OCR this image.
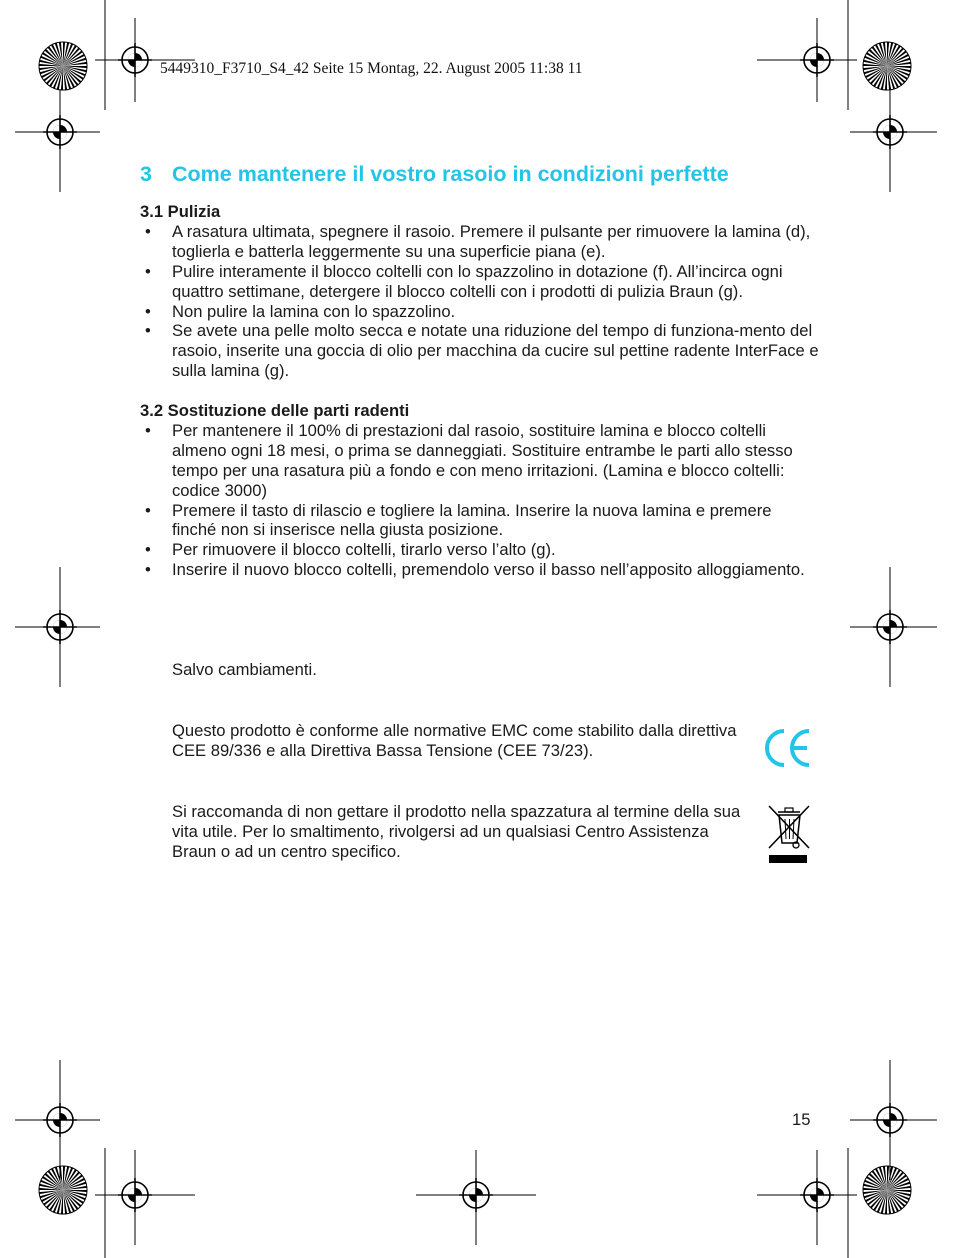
5449310_F3710_S4_42 Seite 15 Montag, 22. August 2005 11:38 11
3 Come mantenere il vostro rasoio in condizioni perfette
3.1 Pulizia
• A rasatura ultimata, spegnere il rasoio. Premere il pulsante per rimuovere la lamina (d), toglierla e batterla leggermente su una superficie piana (e).
• Pulire interamente il blocco coltelli con lo spazzolino in dotazione (f). All’incirca ogni quattro settimane, detergere il blocco coltelli con i prodotti di pulizia Braun (g).
• Non pulire la lamina con lo spazzolino.
• Se avete una pelle molto secca e notate una riduzione del tempo di funziona-mento del rasoio, inserite una goccia di olio per macchina da cucire sul pettine radente InterFace e sulla lamina (g).
3.2 Sostituzione delle parti radenti
• Per mantenere il 100% di prestazioni dal rasoio, sostituire lamina e blocco coltelli almeno ogni 18 mesi, o prima se danneggiati. Sostituire entrambe le parti allo stesso tempo per una rasatura più a fondo e con meno irritazioni. (Lamina e blocco coltelli: codice 3000)
• Premere il tasto di rilascio e togliere la lamina. Inserire la nuova lamina e premere finché non si inserisce nella giusta posizione.
• Per rimuovere il blocco coltelli, tirarlo verso l’alto (g).
• Inserire il nuovo blocco coltelli, premendolo verso il basso nell’apposito alloggiamento.
Salvo cambiamenti.
Questo prodotto è conforme alle normative EMC come stabilito dalla direttiva CEE 89/336 e alla Direttiva Bassa Tensione (CEE 73/23).
Si raccomanda di non gettare il prodotto nella spazzatura al termine della sua vita utile. Per lo smaltimento, rivolgersi ad un qualsiasi Centro Assistenza Braun o ad un centro specifico.
15
